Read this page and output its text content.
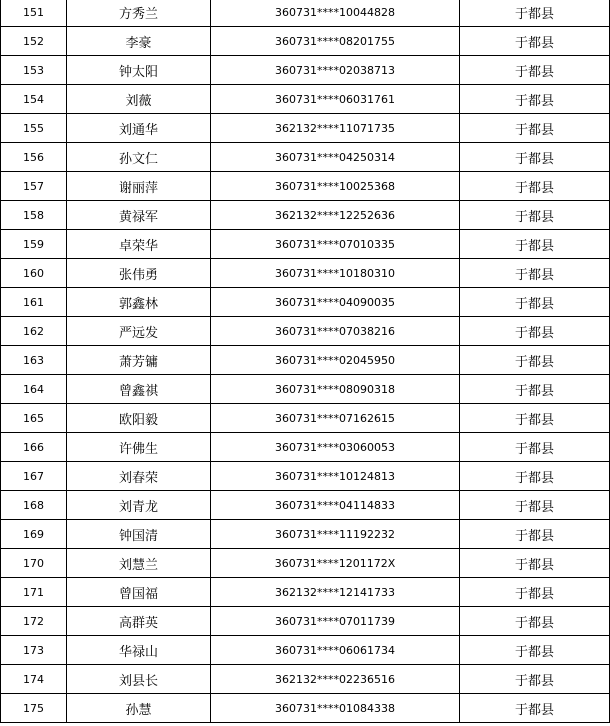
151	方秀兰	360731****10044828	于都县
152	李豪	360731****08201755	于都县
153	钟太阳	360731****02038713	于都县
154	刘薇	360731****06031761	于都县
155	刘通华	362132****11071735	于都县
156	孙文仁	360731****04250314	于都县
157	谢丽萍	360731****10025368	于都县
158	黄禄军	362132****12252636	于都县
159	卓荣华	360731****07010335	于都县
160	张伟勇	360731****10180310	于都县
161	郭鑫林	360731****04090035	于都县
162	严远发	360731****07038216	于都县
163	萧芳镛	360731****02045950	于都县
164	曾鑫祺	360731****08090318	于都县
165	欧阳毅	360731****07162615	于都县
166	许佛生	360731****03060053	于都县
167	刘春荣	360731****10124813	于都县
168	刘青龙	360731****04114833	于都县
169	钟国清	360731****11192232	于都县
170	刘慧兰	360731****1201172X	于都县
171	曾国福	362132****12141733	于都县
172	高群英	360731****07011739	于都县
173	华禄山	360731****06061734	于都县
174	刘县长	362132****02236516	于都县
175	孙慧	360731****01084338	于都县
